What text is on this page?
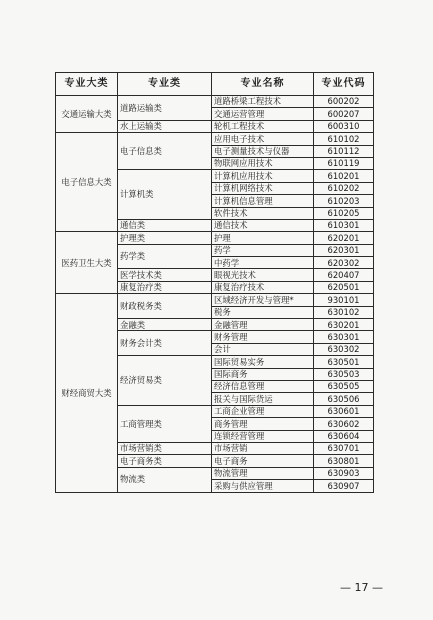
专业大类	专业类	专业名称	专业代码
交通运输大类	道路运输类	道路桥梁工程技术	600202
		交通运营管理	600207
	水上运输类	轮机工程技术	600310
电子信息大类	电子信息类	应用电子技术	610102
		电子测量技术与仪器	610112
		物联网应用技术	610119
	计算机类	计算机应用技术	610201
		计算机网络技术	610202
		计算机信息管理	610203
		软件技术	610205
	通信类	通信技术	610301
医药卫生大类	护理类	护理	620201
	药学类	药学	620301
		中药学	620302
	医学技术类	眼视光技术	620407
	康复治疗类	康复治疗技术	620501
财经商贸大类	财政税务类	区域经济开发与管理*	930101
		税务	630102
	金融类	金融管理	630201
	财务会计类	财务管理	630301
		会计	630302
	经济贸易类	国际贸易实务	630501
		国际商务	630503
		经济信息管理	630505
		报关与国际货运	630506
	工商管理类	工商企业管理	630601
		商务管理	630602
		连锁经营管理	630604
	市场营销类	市场营销	630701
	电子商务类	电子商务	630801
	物流类	物流管理	630903
		采购与供应管理	630907
— 17 —
